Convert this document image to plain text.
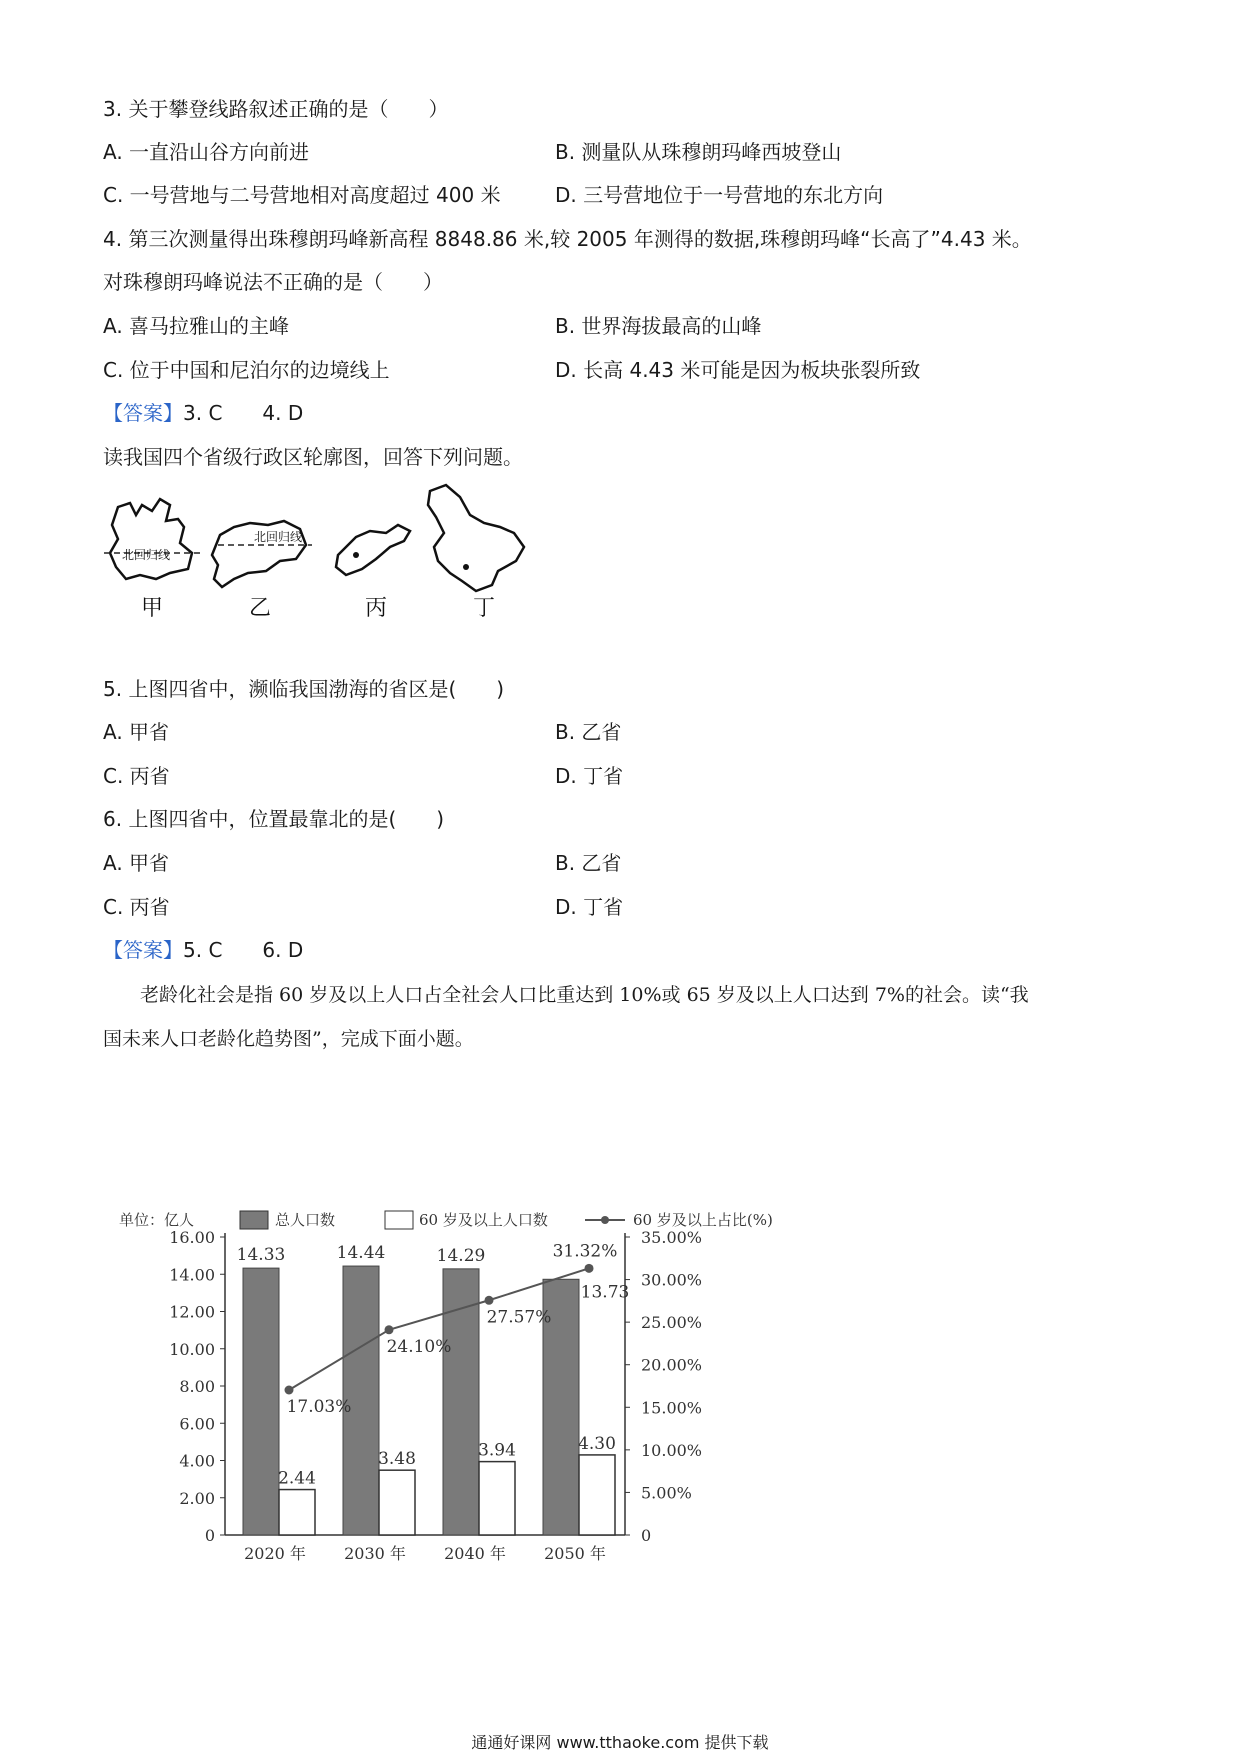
3. 关于攀登线路叙述正确的是（　　）
A. 一直沿山谷方向前进	B. 测量队从珠穆朗玛峰西坡登山
C. 一号营地与二号营地相对高度超过 400 米	D. 三号营地位于一号营地的东北方向
4. 第三次测量得出珠穆朗玛峰新高程 8848.86 米,较 2005 年测得的数据,珠穆朗玛峰“长高了”4.43 米。
对珠穆朗玛峰说法不正确的是（　　）
A. 喜马拉雅山的主峰	B. 世界海拔最高的山峰
C. 位于中国和尼泊尔的边境线上	D. 长高 4.43 米可能是因为板块张裂所致
【答案】3. C　　4. D
读我国四个省级行政区轮廓图，回答下列问题。
北回归线
北回归线
甲	乙	丙	丁
5. 上图四省中，濒临我国渤海的省区是(　　)
A. 甲省	B. 乙省
C. 丙省	D. 丁省
6. 上图四省中，位置最靠北的是(　　)
A. 甲省	B. 乙省
C. 丙省	D. 丁省
【答案】5. C　　6. D
老龄化社会是指 60 岁及以上人口占全社会人口比重达到 10%或 65 岁及以上人口达到 7%的社会。读“我
国未来人口老龄化趋势图”，完成下面小题。
单位：亿人	总人口数	60 岁及以上人口数	60 岁及以上占比(%)
16.00
14.00
12.00
10.00
8.00
6.00
4.00
2.00
0
35.00%
30.00%
25.00%
20.00%
15.00%
10.00%
5.00%
0
14.33
2.44
2020 年
14.44
3.48
2030 年
14.29
3.94
2040 年
13.73
4.30
2050 年
17.03%
24.10%
27.57%
31.32%
通通好课网 www.tthaoke.com 提供下载
